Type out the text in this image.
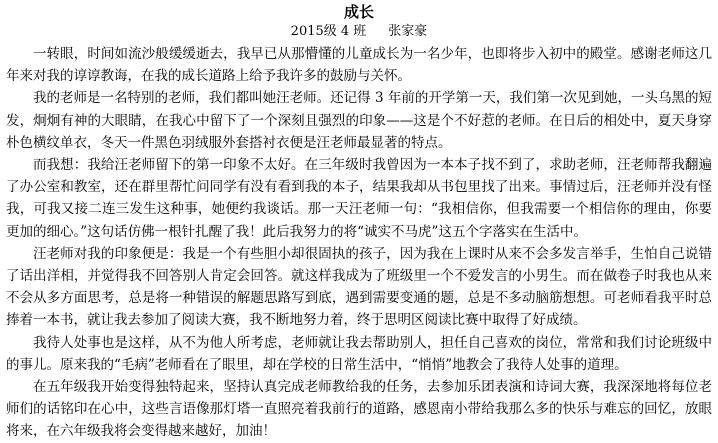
成长
2015级 4 班 张家豪

一转眼，时间如流沙般缓缓逝去，我早已从那懵懂的儿童成长为一名少年，也即将步入初中的殿堂。感谢老师这几年来对我的谆谆教诲，在我的成长道路上给予我许多的鼓励与关怀。

我的老师是一名特别的老师，我们都叫她汪老师。还记得 3 年前的开学第一天，我们第一次见到她，一头乌黑的短发，炯炯有神的大眼睛，在我心中留下了一个深刻且强烈的印象——这是个不好惹的老师。在日后的相处中，夏天身穿朴色横纹单衣，冬天一件黑色羽绒服外套搭衬衣便是汪老师最显著的特点。

而我想：我给汪老师留下的第一印象不太好。在三年级时我曾因为一本本子找不到了，求助老师，汪老师帮我翻遍了办公室和教室，还在群里帮忙问同学有没有看到我的本子，结果我却从书包里找了出来。事情过后，汪老师并没有怪我，可我又接二连三发生这种事，她便约我谈话。那一天汪老师一句：“我相信你，但我需要一个相信你的理由，你要更加的细心。”这句话仿佛一根针扎醒了我！此后我努力的将“诚实不马虎”这五个字落实在生活中。

汪老师对我的印象便是：我是一个有些胆小却很固执的孩子，因为我在上课时从来不会多发言举手，生怕自己说错了话出洋相，并觉得我不回答别人肯定会回答。就这样我成为了班级里一个不爱发言的小男生。而在做卷子时我也从来不会从多方面思考，总是将一种错误的解题思路写到底，遇到需要变通的题，总是不多动脑筋想想。可老师看我平时总捧着一本书，就让我去参加了阅读大赛，我不断地努力着，终于思明区阅读比赛中取得了好成绩。

我待人处事也是这样，从不为他人所考虑，老师就让我去帮助别人，担任自己喜欢的岗位，常常和我们讨论班级中的事儿。原来我的“毛病”老师看在了眼里，却在学校的日常生活中，“悄悄”地教会了我待人处事的道理。

在五年级我开始变得独特起来，坚持认真完成老师教给我的任务，去参加乐团表演和诗词大赛，我深深地将每位老师们的话铭印在心中，这些言语像那灯塔一直照亮着我前行的道路，感恩南小带给我那么多的快乐与难忘的回忆，放眼将来，在六年级我将会变得越来越好，加油！
